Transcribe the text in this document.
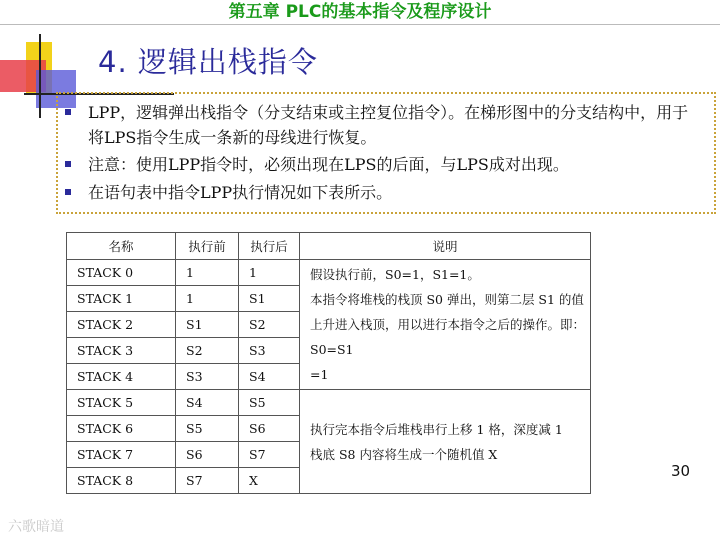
第五章 PLC的基本指令及程序设计
4. 逻辑出栈指令
LPP，逻辑弹出栈指令（分支结束或主控复位指令）。在梯形图中的分支结构中，用于将LPS指令生成一条新的母线进行恢复。
注意：使用LPP指令时，必须出现在LPS的后面，与LPS成对出现。
在语句表中指令LPP执行情况如下表所示。
名称	执行前	执行后	说明
STACK 0	1	1	假设执行前，S0=1，S1=1。
本指令将堆栈的栈顶 S0 弹出，则第二层 S1 的值
上升进入栈顶，用以进行本指令之后的操作。即：
S0=S1
=1

STACK 1	1	S1	
STACK 2	S1	S2	
STACK 3	S2	S3	
STACK 4	S3	S4	
STACK 5	S4	S5	执行完本指令后堆栈串行上移 1 格，深度减 1
栈底 S8 内容将生成一个随机值 X

STACK 6	S5	S6	
STACK 7	S6	S7	
STACK 8	S7	X	
30
六歌暗道
